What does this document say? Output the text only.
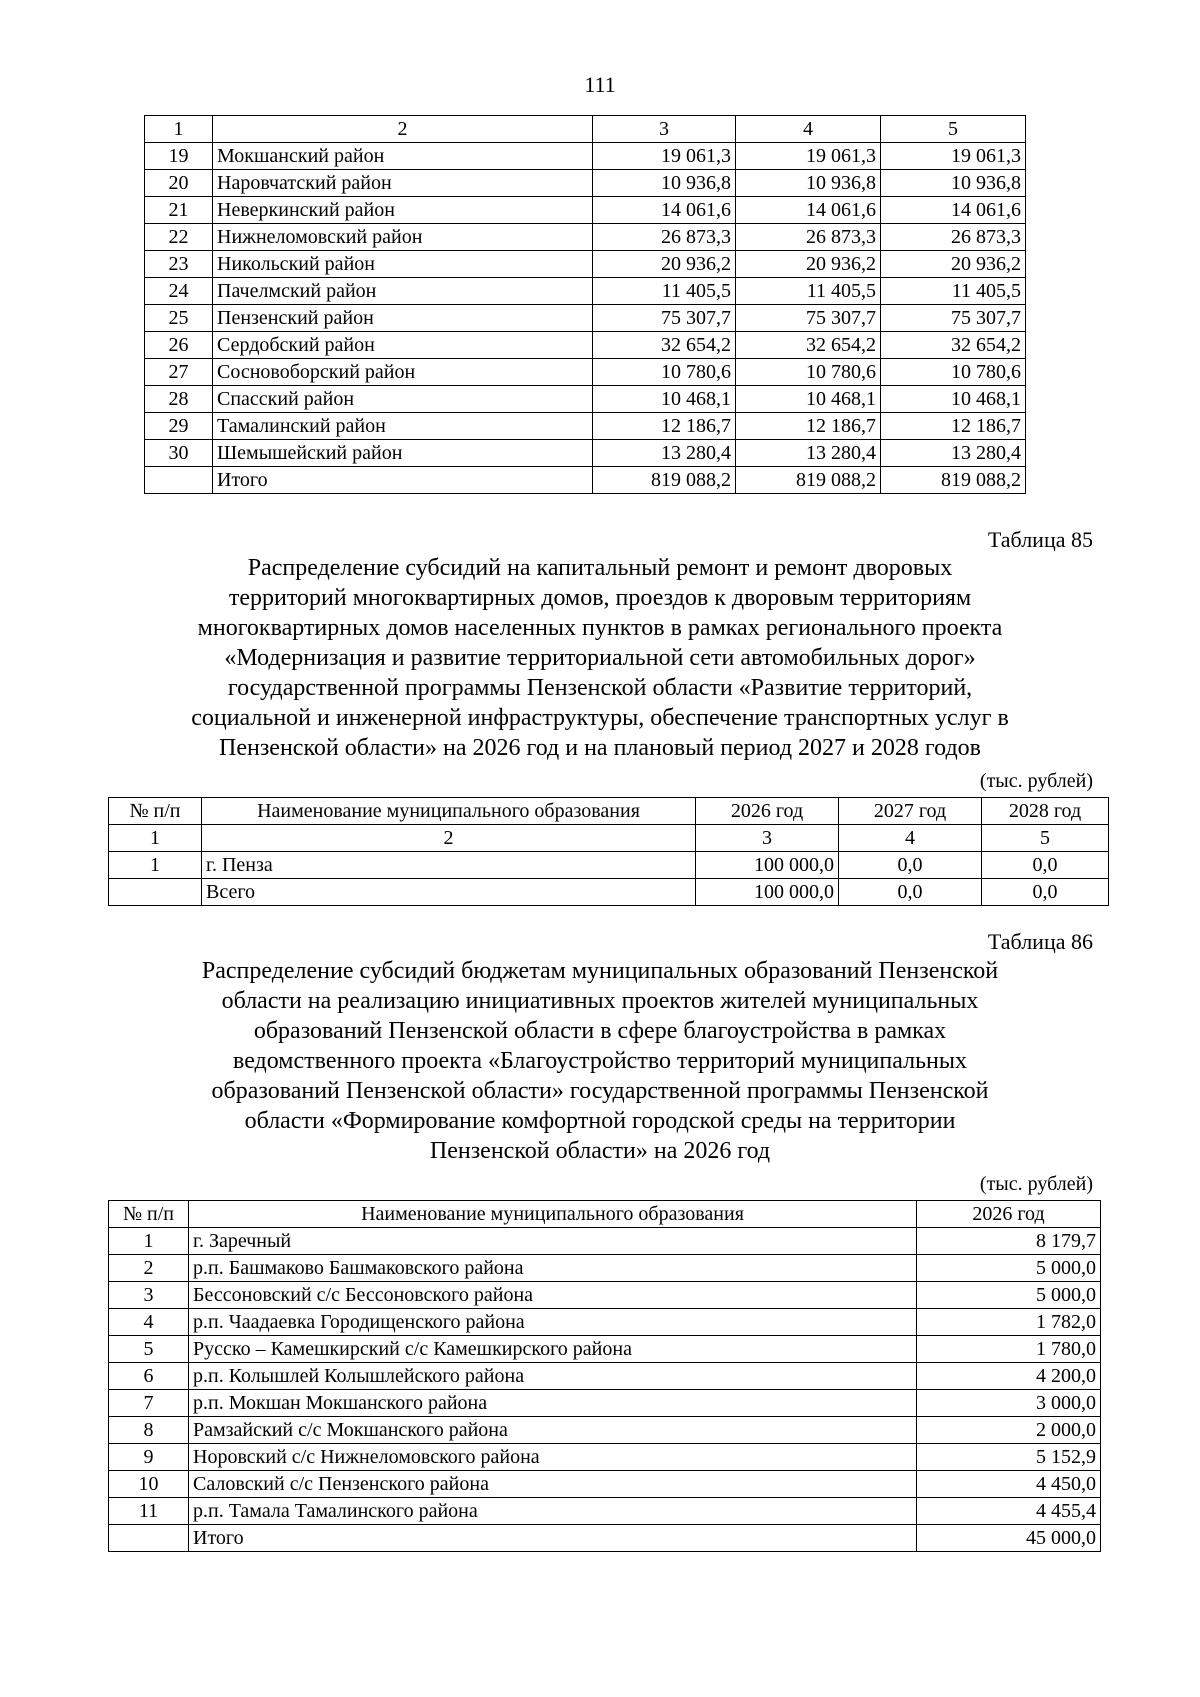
111
1	2	3	4	5
19	Мокшанский район	19 061,3	19 061,3	19 061,3
20	Наровчатский район	10 936,8	10 936,8	10 936,8
21	Неверкинский район	14 061,6	14 061,6	14 061,6
22	Нижнеломовский район	26 873,3	26 873,3	26 873,3
23	Никольский район	20 936,2	20 936,2	20 936,2
24	Пачелмский район	11 405,5	11 405,5	11 405,5
25	Пензенский район	75 307,7	75 307,7	75 307,7
26	Сердобский район	32 654,2	32 654,2	32 654,2
27	Сосновоборский район	10 780,6	10 780,6	10 780,6
28	Спасский район	10 468,1	10 468,1	10 468,1
29	Тамалинский район	12 186,7	12 186,7	12 186,7
30	Шемышейский район	13 280,4	13 280,4	13 280,4
	Итого	819 088,2	819 088,2	819 088,2
Таблица 85
Распределение субсидий на капитальный ремонт и ремонт дворовых
территорий многоквартирных домов, проездов к дворовым территориям
многоквартирных домов населенных пунктов в рамках регионального проекта
«Модернизация и развитие территориальной сети автомобильных дорог»
государственной программы Пензенской области «Развитие территорий,
социальной и инженерной инфраструктуры, обеспечение транспортных услуг в
Пензенской области» на 2026 год и на плановый период 2027 и 2028 годов
(тыс. рублей)
№ п/п	Наименование муниципального образования	2026 год	2027 год	2028 год
1	2	3	4	5
1	г. Пенза	100 000,0	0,0	0,0
	Всего	100 000,0	0,0	0,0
Таблица 86
Распределение субсидий бюджетам муниципальных образований Пензенской
области на реализацию инициативных проектов жителей муниципальных
образований Пензенской области в сфере благоустройства в рамках
ведомственного проекта «Благоустройство территорий муниципальных
образований Пензенской области» государственной программы Пензенской
области «Формирование комфортной городской среды на территории
Пензенской области» на 2026 год
(тыс. рублей)
№ п/п	Наименование муниципального образования	2026 год
1	г. Заречный	8 179,7
2	р.п. Башмаково Башмаковского района	5 000,0
3	Бессоновский с/с Бессоновского района	5 000,0
4	р.п. Чаадаевка Городищенского района	1 782,0
5	Русско – Камешкирский с/с Камешкирского района	1 780,0
6	р.п. Колышлей Колышлейского района	4 200,0
7	р.п. Мокшан Мокшанского района	3 000,0
8	Рамзайский с/с Мокшанского района	2 000,0
9	Норовский с/с Нижнеломовского района	5 152,9
10	Саловский с/с Пензенского района	4 450,0
11	р.п. Тамала Тамалинского района	4 455,4
	Итого	45 000,0
